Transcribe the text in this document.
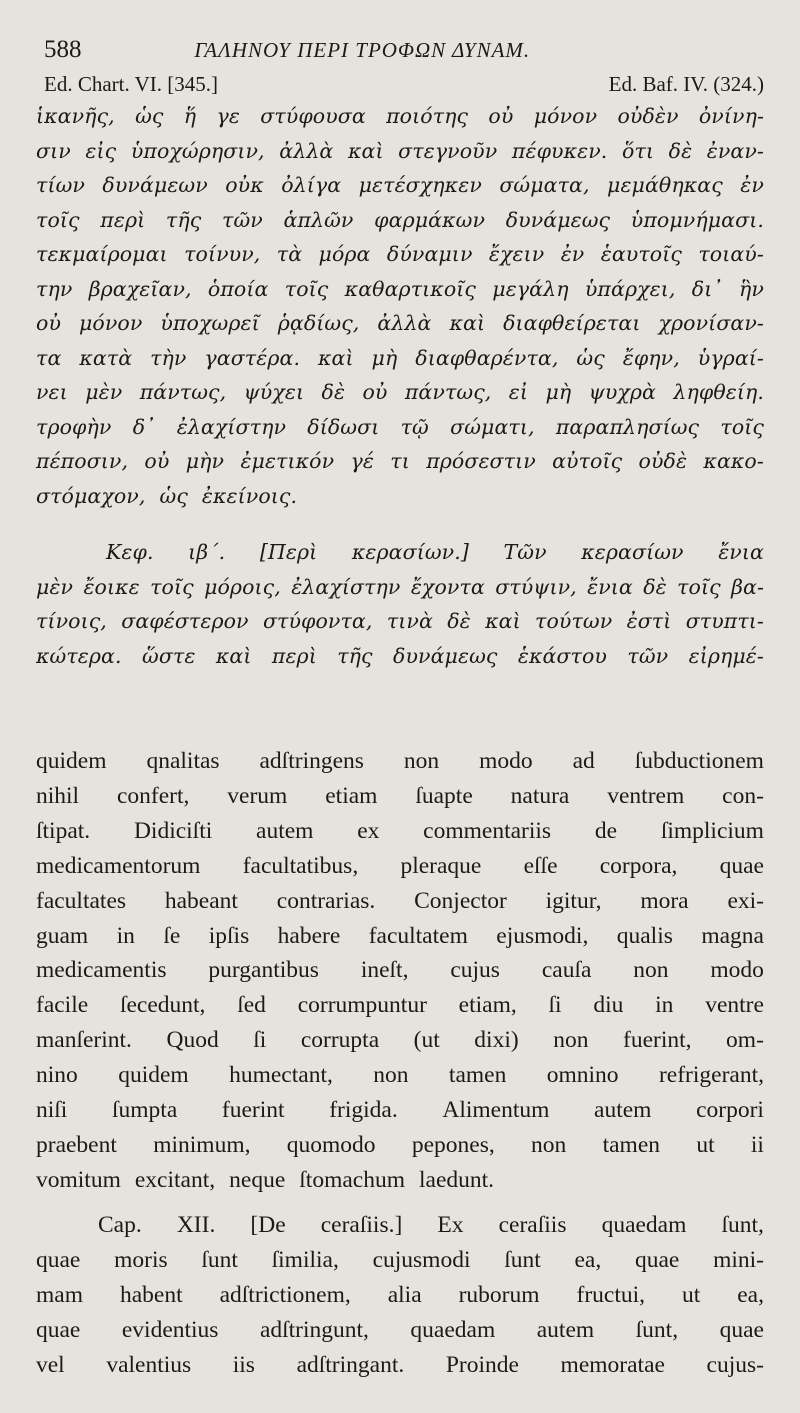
588	ΓΑΛΗΝΟΥ ΠΕΡΙ ΤΡΟΦΩΝ ΔΥΝΑΜ.
Ed. Chart. VI. [345.]	Ed. Baf. IV. (324.)
ἱκανῆς, ὡς ἥ γε στύφουσα ποιότης οὐ μόνον οὐδὲν ὀνίνη-
σιν εἰς ὑποχώρησιν, ἀλλὰ καὶ στεγνοῦν πέφυκεν. ὅτι δὲ ἐναν-
τίων δυνάμεων οὐκ ὀλίγα μετέσχηκεν σώματα, μεμάθηκας ἐν
τοῖς περὶ τῆς τῶν ἁπλῶν φαρμάκων δυνάμεως ὑπομνήμασι.
τεκμαίρομαι τοίνυν, τὰ μόρα δύναμιν ἔχειν ἐν ἑαυτοῖς τοιαύ-
την βραχεῖαν, ὁποία τοῖς καθαρτικοῖς μεγάλη ὑπάρχει, δι᾽ ἣν
οὐ μόνον ὑποχωρεῖ ῥᾳδίως, ἀλλὰ καὶ διαφθείρεται χρονίσαν-
τα κατὰ τὴν γαστέρα. καὶ μὴ διαφθαρέντα, ὡς ἔφην, ὑγραί-
νει μὲν πάντως, ψύχει δὲ οὐ πάντως, εἰ μὴ ψυχρὰ ληφθείη.
τροφὴν δ᾽ ἐλαχίστην δίδωσι τῷ σώματι, παραπλησίως τοῖς
πέποσιν, οὐ μὴν ἐμετικόν γέ τι πρόσεστιν αὐτοῖς οὐδὲ κακο-
στόμαχον, ὡς ἐκείνοις.
Κεφ. ιβ΄. [Περὶ κερασίων.] Τῶν κερασίων ἔνια
μὲν ἔοικε τοῖς μόροις, ἐλαχίστην ἔχοντα στύψιν, ἔνια δὲ τοῖς βα-
τίνοις, σαφέστερον στύφοντα, τινὰ δὲ καὶ τούτων ἐστὶ στυπτι-
κώτερα. ὥστε καὶ περὶ τῆς δυνάμεως ἑκάστου τῶν εἰρημέ-
quidem qnalitas adſtringens non modo ad ſubductionem
nihil confert, verum etiam ſuapte natura ventrem con-
ſtipat. Didiciſti autem ex commentariis de ſimplicium
medicamentorum facultatibus, pleraque eſſe corpora, quae
facultates habeant contrarias. Conjector igitur, mora exi-
guam in ſe ipſis habere facultatem ejusmodi, qualis magna
medicamentis purgantibus ineſt, cujus cauſa non modo
facile ſecedunt, ſed corrumpuntur etiam, ſi diu in ventre
manſerint. Quod ſi corrupta (ut dixi) non fuerint, om-
nino quidem humectant, non tamen omnino refrigerant,
niſi ſumpta fuerint frigida. Alimentum autem corpori
praebent minimum, quomodo pepones, non tamen ut ii
vomitum excitant, neque ſtomachum laedunt.
Cap. XII. [De ceraſiis.] Ex ceraſiis quaedam ſunt,
quae moris ſunt ſimilia, cujusmodi ſunt ea, quae mini-
mam habent adſtrictionem, alia ruborum fructui, ut ea,
quae evidentius adſtringunt, quaedam autem ſunt, quae
vel valentius iis adſtringant. Proinde memoratae cujus-
